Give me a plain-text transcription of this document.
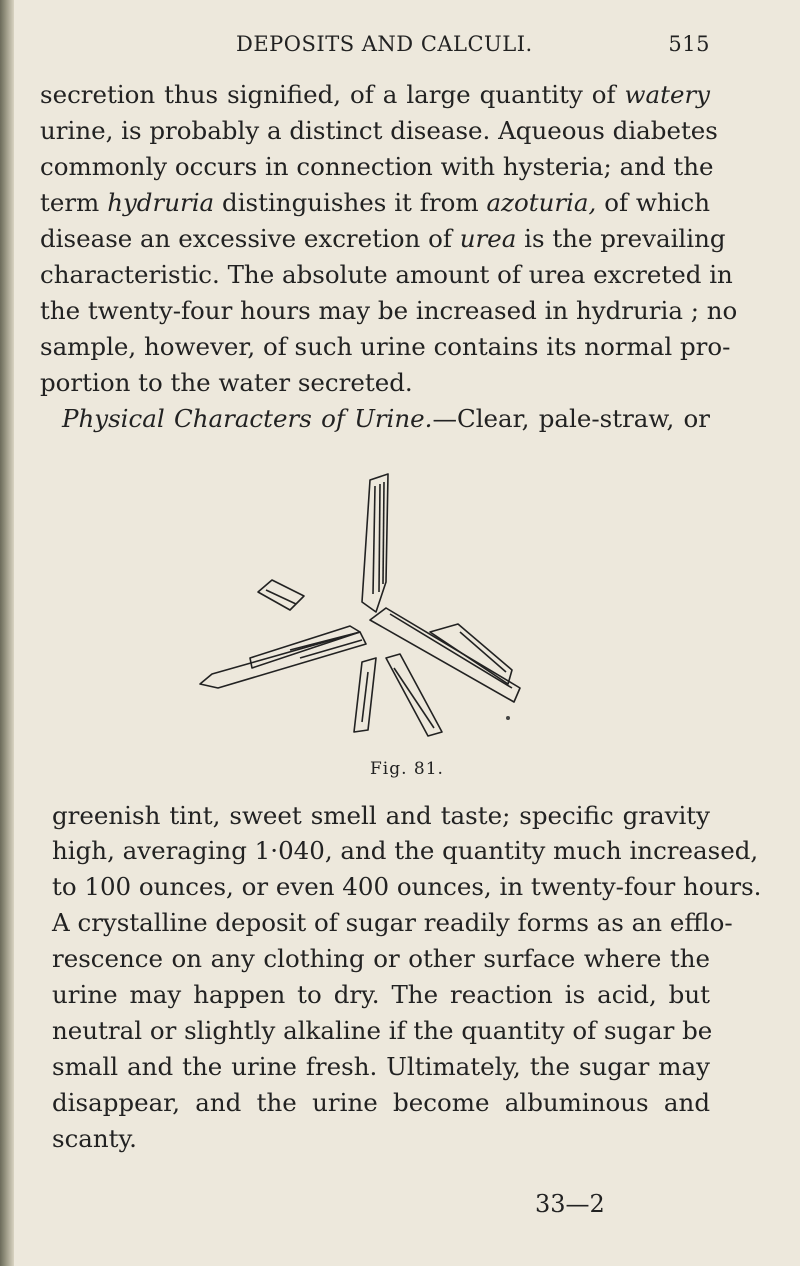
DEPOSITS AND CALCULI.	515
secretion thus signified, of a large quantity of watery
urine, is probably a distinct disease. Aqueous diabetes
commonly occurs in connection with hysteria; and the
term hydruria distinguishes it from azoturia, of which
disease an excessive excretion of urea is the prevailing
characteristic. The absolute amount of urea excreted in
the twenty-four hours may be increased in hydruria ; no
sample, however, of such urine contains its normal pro-
portion to the water secreted.
Physical Characters of Urine.—Clear, pale-straw, or
Fig. 81.
greenish tint, sweet smell and taste; specific gravity
high, averaging 1·040, and the quantity much increased,
to 100 ounces, or even 400 ounces, in twenty-four hours.
A crystalline deposit of sugar readily forms as an efflo-
rescence on any clothing or other surface where the
urine may happen to dry. The reaction is acid, but
neutral or slightly alkaline if the quantity of sugar be
small and the urine fresh. Ultimately, the sugar may
disappear, and the urine become albuminous and
scanty.
33—2
